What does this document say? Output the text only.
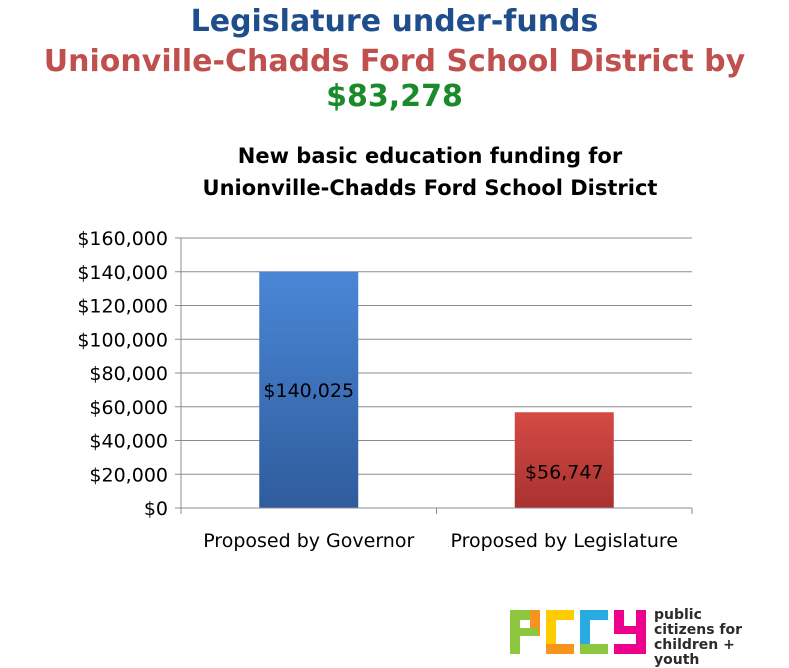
Legislature under-funds
Unionville-Chadds Ford School District by $83,278
New basic education funding for
Unionville-Chadds Ford School District
$140,025
$56,747
$0
$20,000
$40,000
$60,000
$80,000
$100,000
$120,000
$140,000
$160,000
Proposed by Governor Proposed by Legislature
public
citizens for
children + youth
